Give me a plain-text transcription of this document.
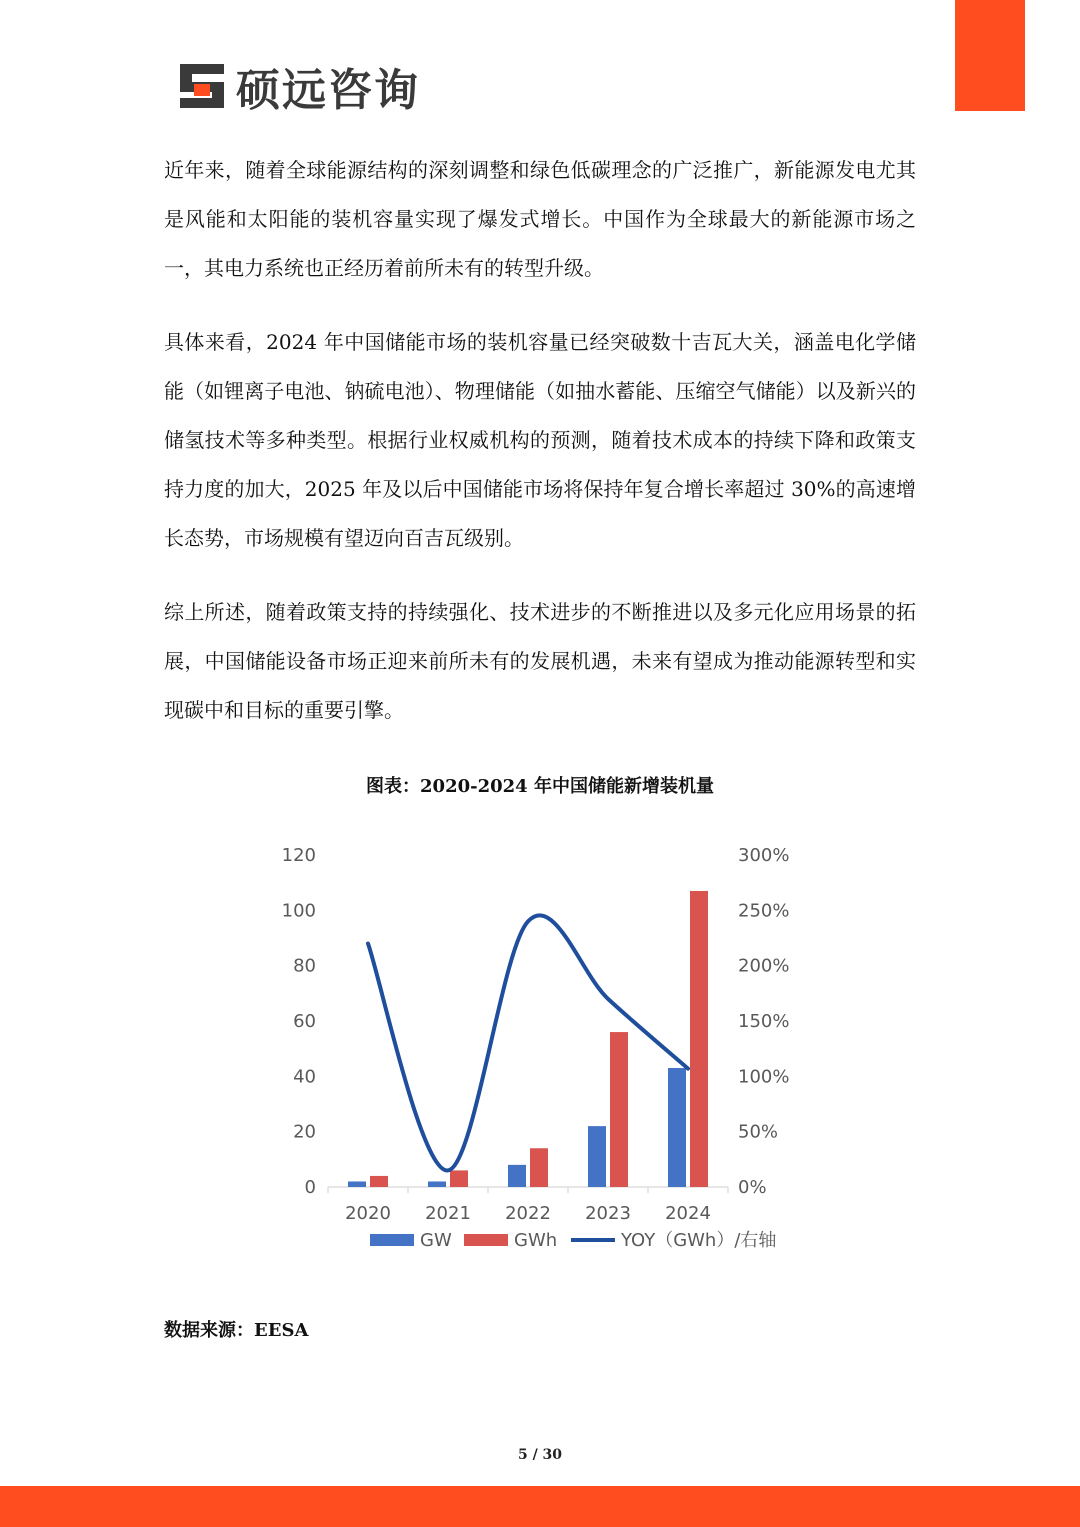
硕远咨询

近年来，随着全球能源结构的深刻调整和绿色低碳理念的广泛推广，新能源发电尤其是风能和太阳能的装机容量实现了爆发式增长。中国作为全球最大的新能源市场之一，其电力系统也正经历着前所未有的转型升级。

具体来看，2024 年中国储能市场的装机容量已经突破数十吉瓦大关，涵盖电化学储能（如锂离子电池、钠硫电池）、物理储能（如抽水蓄能、压缩空气储能）以及新兴的储氢技术等多种类型。根据行业权威机构的预测，随着技术成本的持续下降和政策支持力度的加大，2025 年及以后中国储能市场将保持年复合增长率超过 30%的高速增长态势，市场规模有望迈向百吉瓦级别。

综上所述，随着政策支持的持续强化、技术进步的不断推进以及多元化应用场景的拓展，中国储能设备市场正迎来前所未有的发展机遇，未来有望成为推动能源转型和实现碳中和目标的重要引擎。

图表：2020-2024 年中国储能新增装机量
0
20
40
60
80
100
120
0%
50%
100%
150%
200%
250%
300%
2020 2021 2022 2023 2024
GW	GWh	YOY（GWh）/右轴
数据来源：EESA
5 / 30
